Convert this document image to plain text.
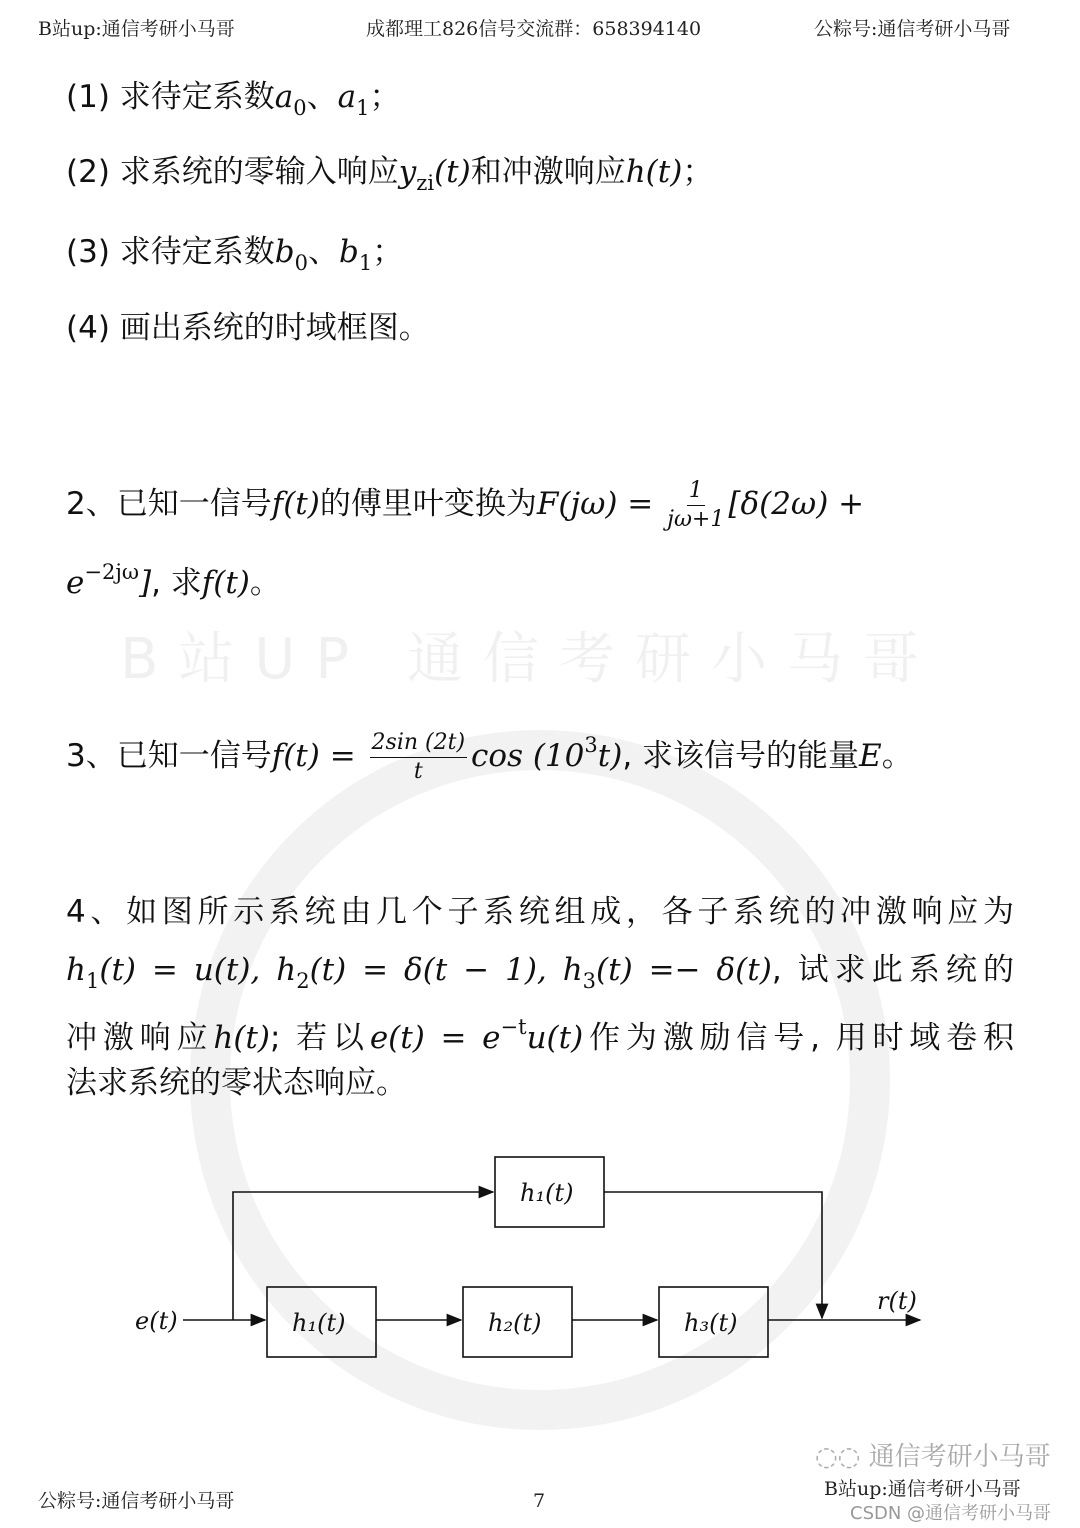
B站UP 通信考研小马哥
B站up:通信考研小马哥	成都理工826信号交流群：658394140	公粽号:通信考研小马哥
(1) 求待定系数$a_0$、$a_1$；
(2) 求系统的零输入响应$y_{zi}(t)$和冲激响应h(t)；
(3) 求待定系数$b_0$、$b_1$；
(4) 画出系统的时域框图。
2、已知一信号f(t)的傅里叶变换为$F(j\omega) = \frac{1}{j\omega+1} [\delta(2\omega)$ +
$e^{-2j\omega}$], 求f(t)。
3、已知一信号$f(t) = \frac{2\sin (2t)}{t}$ $\cos (10^3t)$, 求该信号的能量E。
4、如图所示系统由几个子系统组成，各子系统的冲激响应为
$h_1(t) = u(t)$, $h_2(t) = \delta(t - 1)$, $h_3(t) =- \delta(t)$, 试求此系统的
冲激响应h(t); 若以$e(t) = e^{-t}u(t)$作为激励信号, 用时域卷积
法求系统的零状态响应。
e(t)
r(t)
h₁(t)
h₁(t)	h₂(t)	h₃(t)
公粽号:通信考研小马哥	7
◌◌ 通信考研小马哥
B站up:通信考研小马哥
CSDN @通信考研小马哥
